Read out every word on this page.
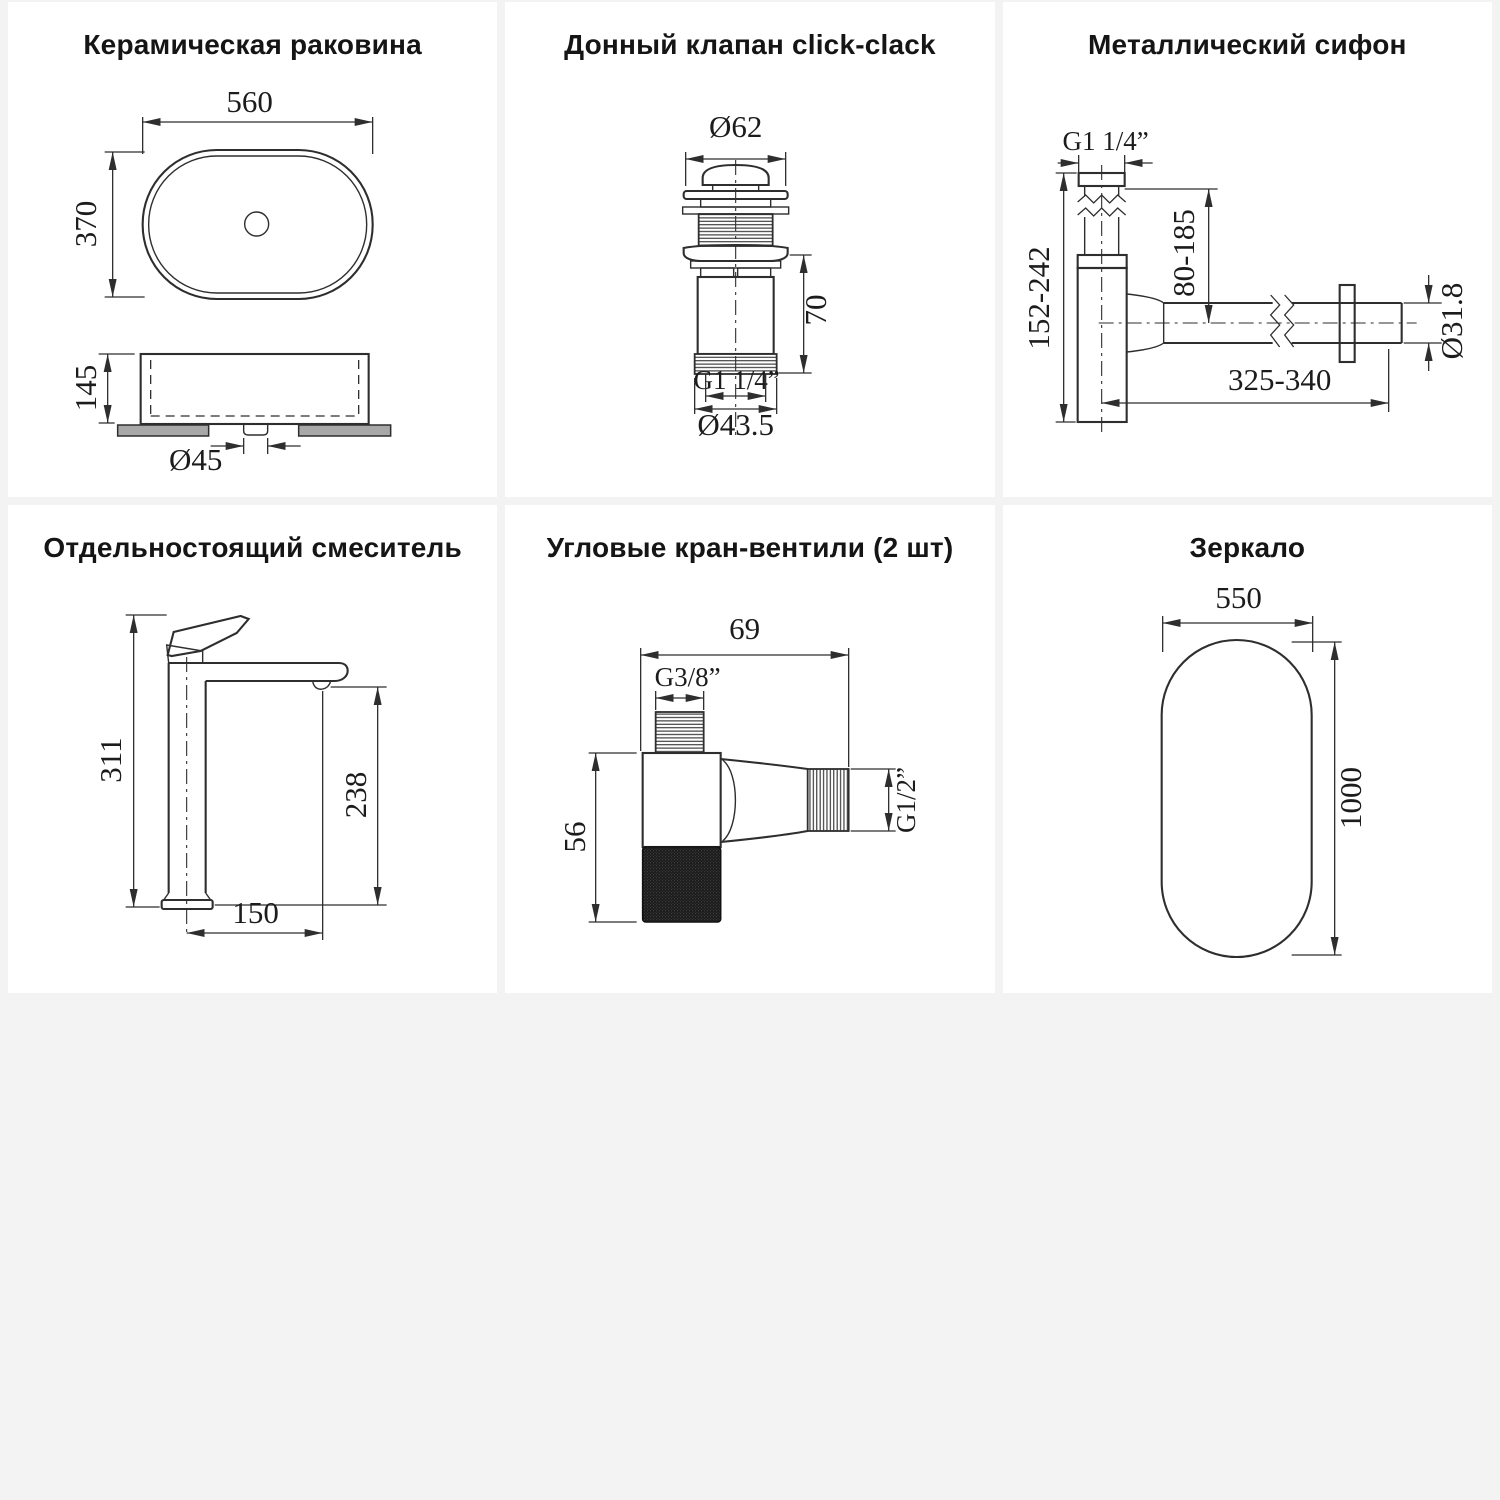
Керамическая раковина
560
370
145
Ø45
Донный клапан click-clack
Ø62
70
G1 1/4”
Ø43.5
Металлический сифон
G1 1/4”
152-242	80-185
Ø31.8
325-340
Отдельностоящий смеситель
311
238
150
Угловые кран-вентили (2 шт)
69
G3/8”
56
G1/2”
Зеркало
550
1000
